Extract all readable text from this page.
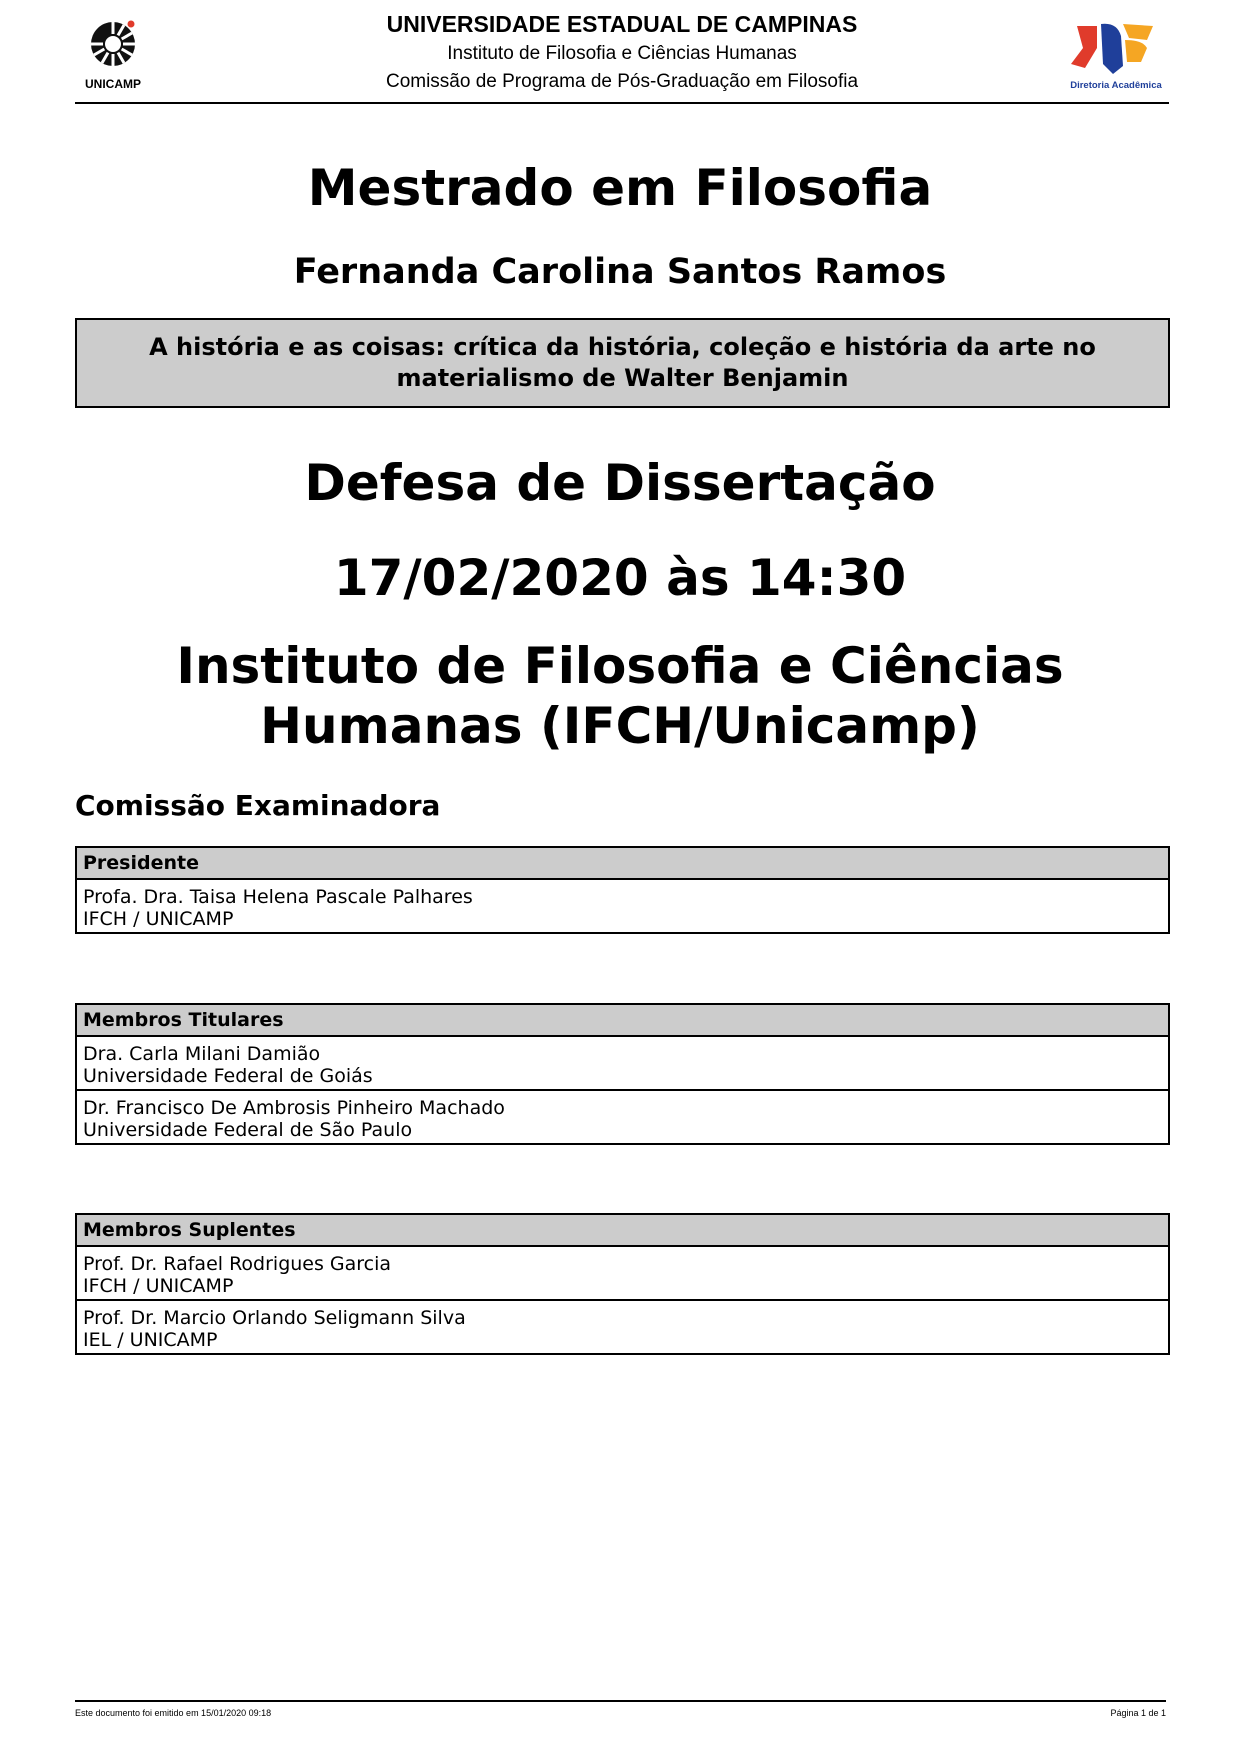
UNICAMP
UNIVERSIDADE ESTADUAL DE CAMPINAS
Instituto de Filosofia e Ciências Humanas
Comissão de Programa de Pós-Graduação em Filosofia	Diretoria Acadêmica
Mestrado em Filosofia
Fernanda Carolina Santos Ramos
A história e as coisas: crítica da história, coleção e história da arte no materialismo de Walter Benjamin
Defesa de Dissertação
17/02/2020 às 14:30
Instituto de Filosofia e Ciências Humanas (IFCH/Unicamp)
Comissão Examinadora
Presidente
Profa. Dra. Taisa Helena Pascale Palhares
IFCH / UNICAMP
Membros Titulares
Dra. Carla Milani Damião
Universidade Federal de Goiás
Dr. Francisco De Ambrosis Pinheiro Machado
Universidade Federal de São Paulo
Membros Suplentes
Prof. Dr. Rafael Rodrigues Garcia
IFCH / UNICAMP
Prof. Dr. Marcio Orlando Seligmann Silva
IEL / UNICAMP
Este documento foi emitido em 15/01/2020 09:18	Página 1 de 1
